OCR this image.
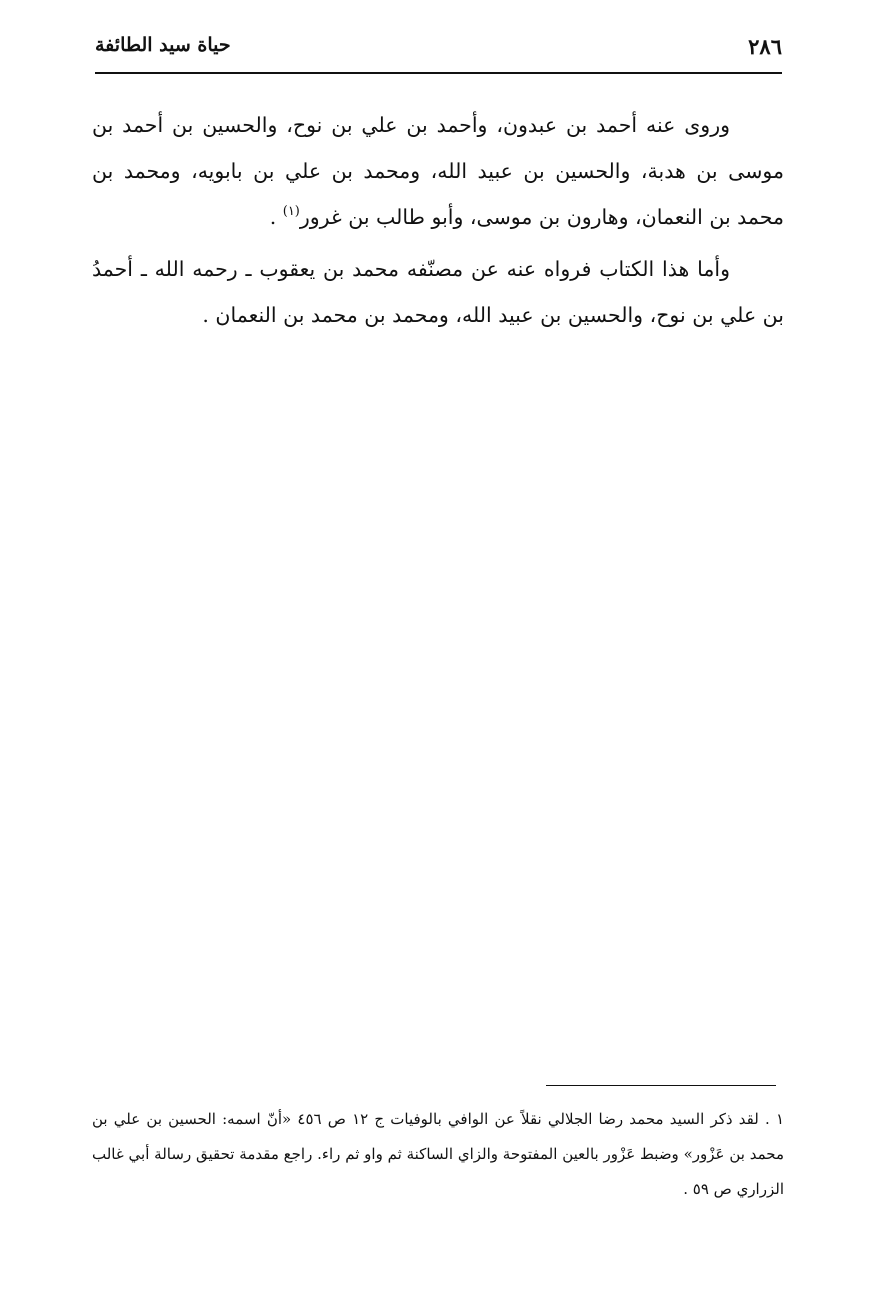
٢٨٦
حياة سيد الطائفة

وروى عنه أحمد بن عبدون، وأحمد بن علي بن نوح، والحسين بن أحمد بن موسى بن هدبة، والحسين بن عبيد الله، ومحمد بن علي بن بابويه، ومحمد بن محمد بن النعمان، وهارون بن موسى، وأبو طالب بن غرور$^{(١)}$ .

وأما هذا الكتاب فرواه عنه عن مصنّفه محمد بن يعقوب ـ رحمه الله ـ أحمدُ بن علي بن نوح، والحسين بن عبيد الله، ومحمد بن محمد بن النعمان .

١ . لقد ذكر السيد محمد رضا الجلالي نقلاً عن الوافي بالوفيات ج ١٢ ص ٤٥٦ «أنّ اسمه: الحسين بن علي بن محمد بن عَزْور» وضبط عَزْور بالعين المفتوحة والزاي الساكنة ثم واو ثم راء. راجع مقدمة تحقيق رسالة أبي غالب الزراري ص ٥٩ .
